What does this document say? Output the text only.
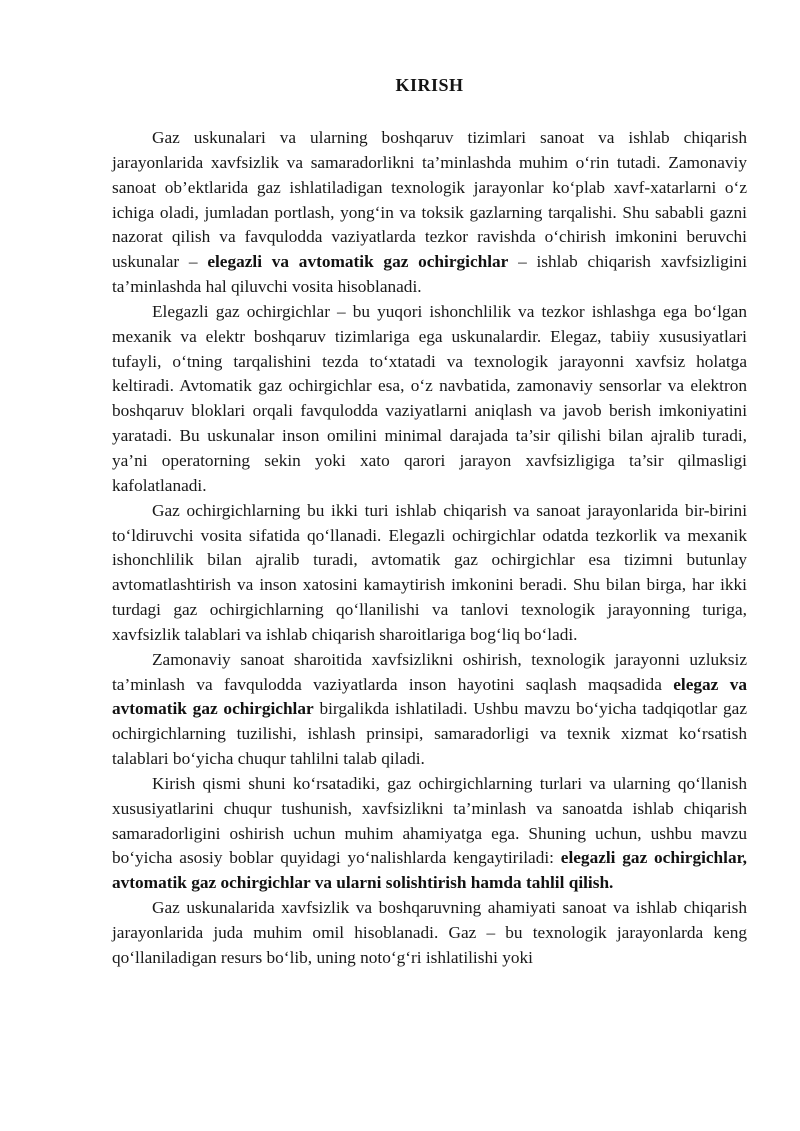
KIRISH

Gaz uskunalari va ularning boshqaruv tizimlari sanoat va ishlab chiqarish jarayonlarida xavfsizlik va samaradorlikni ta’minlashda muhim o‘rin tutadi. Zamonaviy sanoat ob’ektlarida gaz ishlatiladigan texnologik jarayonlar ko‘plab xavf-xatarlarni o‘z ichiga oladi, jumladan portlash, yong‘in va toksik gazlarning tarqalishi. Shu sababli gazni nazorat qilish va favqulodda vaziyatlarda tezkor ravishda o‘chirish imkonini beruvchi uskunalar – elegazli va avtomatik gaz ochirgichlar – ishlab chiqarish xavfsizligini ta’minlashda hal qiluvchi vosita hisoblanadi.

Elegazli gaz ochirgichlar – bu yuqori ishonchlilik va tezkor ishlashga ega bo‘lgan mexanik va elektr boshqaruv tizimlariga ega uskunalardir. Elegaz, tabiiy xususiyatlari tufayli, o‘tning tarqalishini tezda to‘xtatadi va texnologik jarayonni xavfsiz holatga keltiradi. Avtomatik gaz ochirgichlar esa, o‘z navbatida, zamonaviy sensorlar va elektron boshqaruv bloklari orqali favqulodda vaziyatlarni aniqlash va javob berish imkoniyatini yaratadi. Bu uskunalar inson omilini minimal darajada ta’sir qilishi bilan ajralib turadi, ya’ni operatorning sekin yoki xato qarori jarayon xavfsizligiga ta’sir qilmasligi kafolatlanadi.

Gaz ochirgichlarning bu ikki turi ishlab chiqarish va sanoat jarayonlarida bir-birini to‘ldiruvchi vosita sifatida qo‘llanadi. Elegazli ochirgichlar odatda tezkorlik va mexanik ishonchlilik bilan ajralib turadi, avtomatik gaz ochirgichlar esa tizimni butunlay avtomatlashtirish va inson xatosini kamaytirish imkonini beradi. Shu bilan birga, har ikki turdagi gaz ochirgichlarning qo‘llanilishi va tanlovi texnologik jarayonning turiga, xavfsizlik talablari va ishlab chiqarish sharoitlariga bog‘liq bo‘ladi.

Zamonaviy sanoat sharoitida xavfsizlikni oshirish, texnologik jarayonni uzluksiz ta’minlash va favqulodda vaziyatlarda inson hayotini saqlash maqsadida elegaz va avtomatik gaz ochirgichlar birgalikda ishlatiladi. Ushbu mavzu bo‘yicha tadqiqotlar gaz ochirgichlarning tuzilishi, ishlash prinsipi, samaradorligi va texnik xizmat ko‘rsatish talablari bo‘yicha chuqur tahlilni talab qiladi.

Kirish qismi shuni ko‘rsatadiki, gaz ochirgichlarning turlari va ularning qo‘llanish xususiyatlarini chuqur tushunish, xavfsizlikni ta’minlash va sanoatda ishlab chiqarish samaradorligini oshirish uchun muhim ahamiyatga ega. Shuning uchun, ushbu mavzu bo‘yicha asosiy boblar quyidagi yo‘nalishlarda kengaytiriladi: elegazli gaz ochirgichlar, avtomatik gaz ochirgichlar va ularni solishtirish hamda tahlil qilish.

Gaz uskunalarida xavfsizlik va boshqaruvning ahamiyati sanoat va ishlab chiqarish jarayonlarida juda muhim omil hisoblanadi. Gaz – bu texnologik jarayonlarda keng qo‘llaniladigan resurs bo‘lib, uning noto‘g‘ri ishlatilishi yoki
